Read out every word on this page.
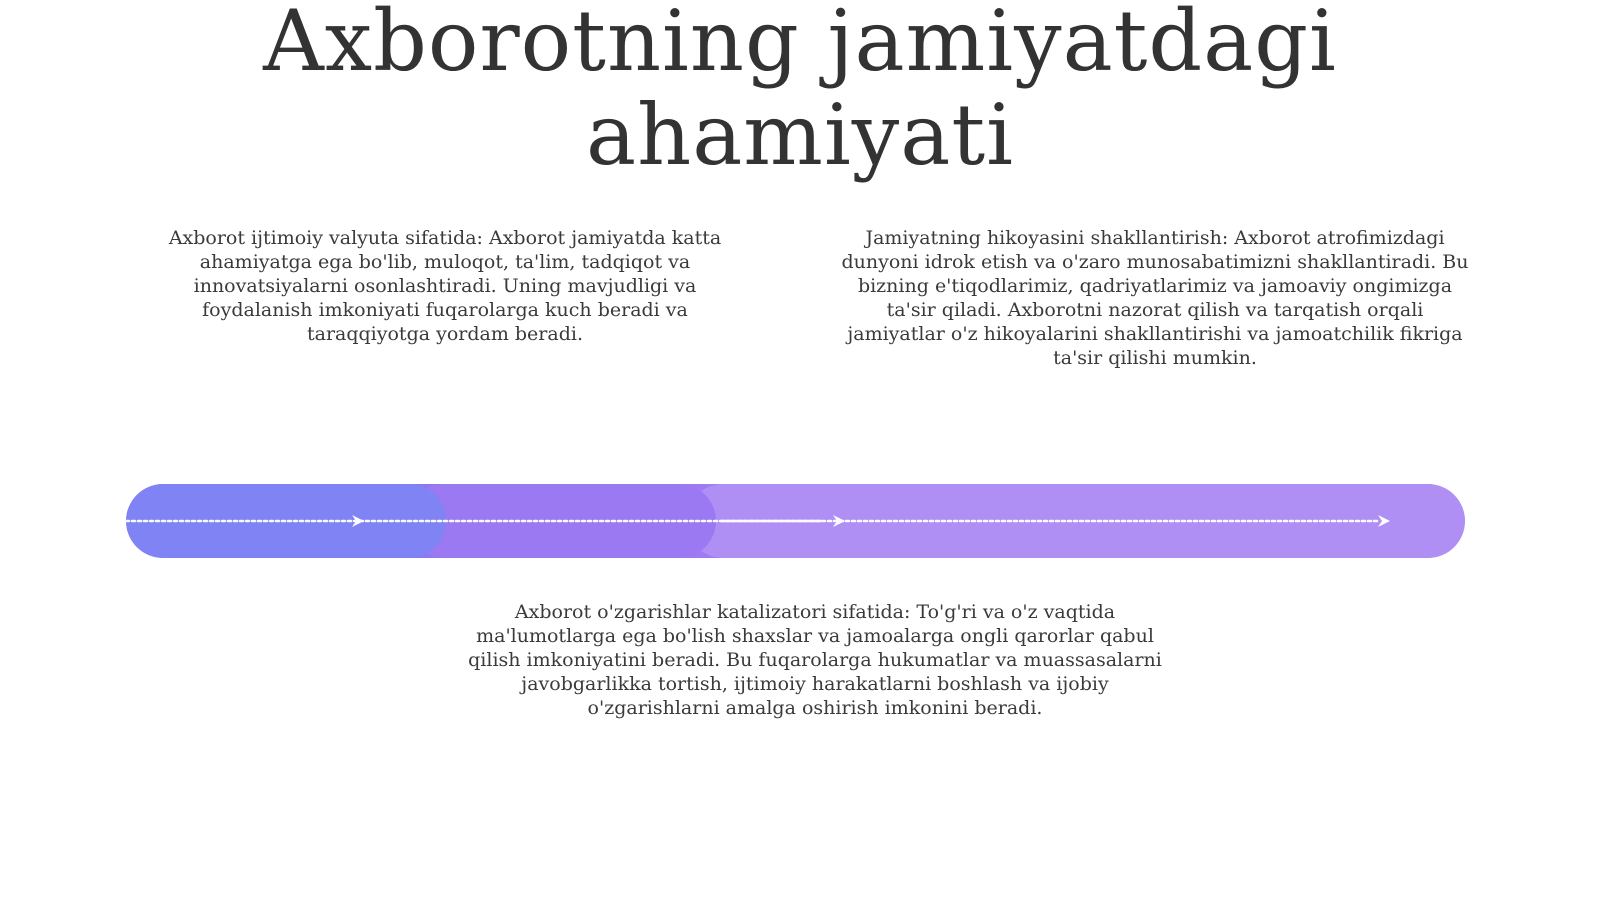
Axborotning jamiyatdagi ahamiyati

Axborot ijtimoiy valyuta sifatida: Axborot jamiyatda katta ahamiyatga ega bo'lib, muloqot, ta'lim, tadqiqot va innovatsiyalarni osonlashtiradi. Uning mavjudligi va foydalanish imkoniyati fuqarolarga kuch beradi va taraqqiyotga yordam beradi.

Jamiyatning hikoyasini shakllantirish: Axborot atrofimizdagi dunyoni idrok etish va o'zaro munosabatimizni shakllantiradi. Bu bizning e'tiqodlarimiz, qadriyatlarimiz va jamoaviy ongimizga ta'sir qiladi. Axborotni nazorat qilish va tarqatish orqali jamiyatlar o'z hikoyalarini shakllantirishi va jamoatchilik fikriga ta'sir qilishi mumkin.

Axborot o'zgarishlar katalizatori sifatida: To'g'ri va o'z vaqtida ma'lumotlarga ega bo'lish shaxslar va jamoalarga ongli qarorlar qabul qilish imkoniyatini beradi. Bu fuqarolarga hukumatlar va muassasalarni javobgarlikka tortish, ijtimoiy harakatlarni boshlash va ijobiy o'zgarishlarni amalga oshirish imkonini beradi.
